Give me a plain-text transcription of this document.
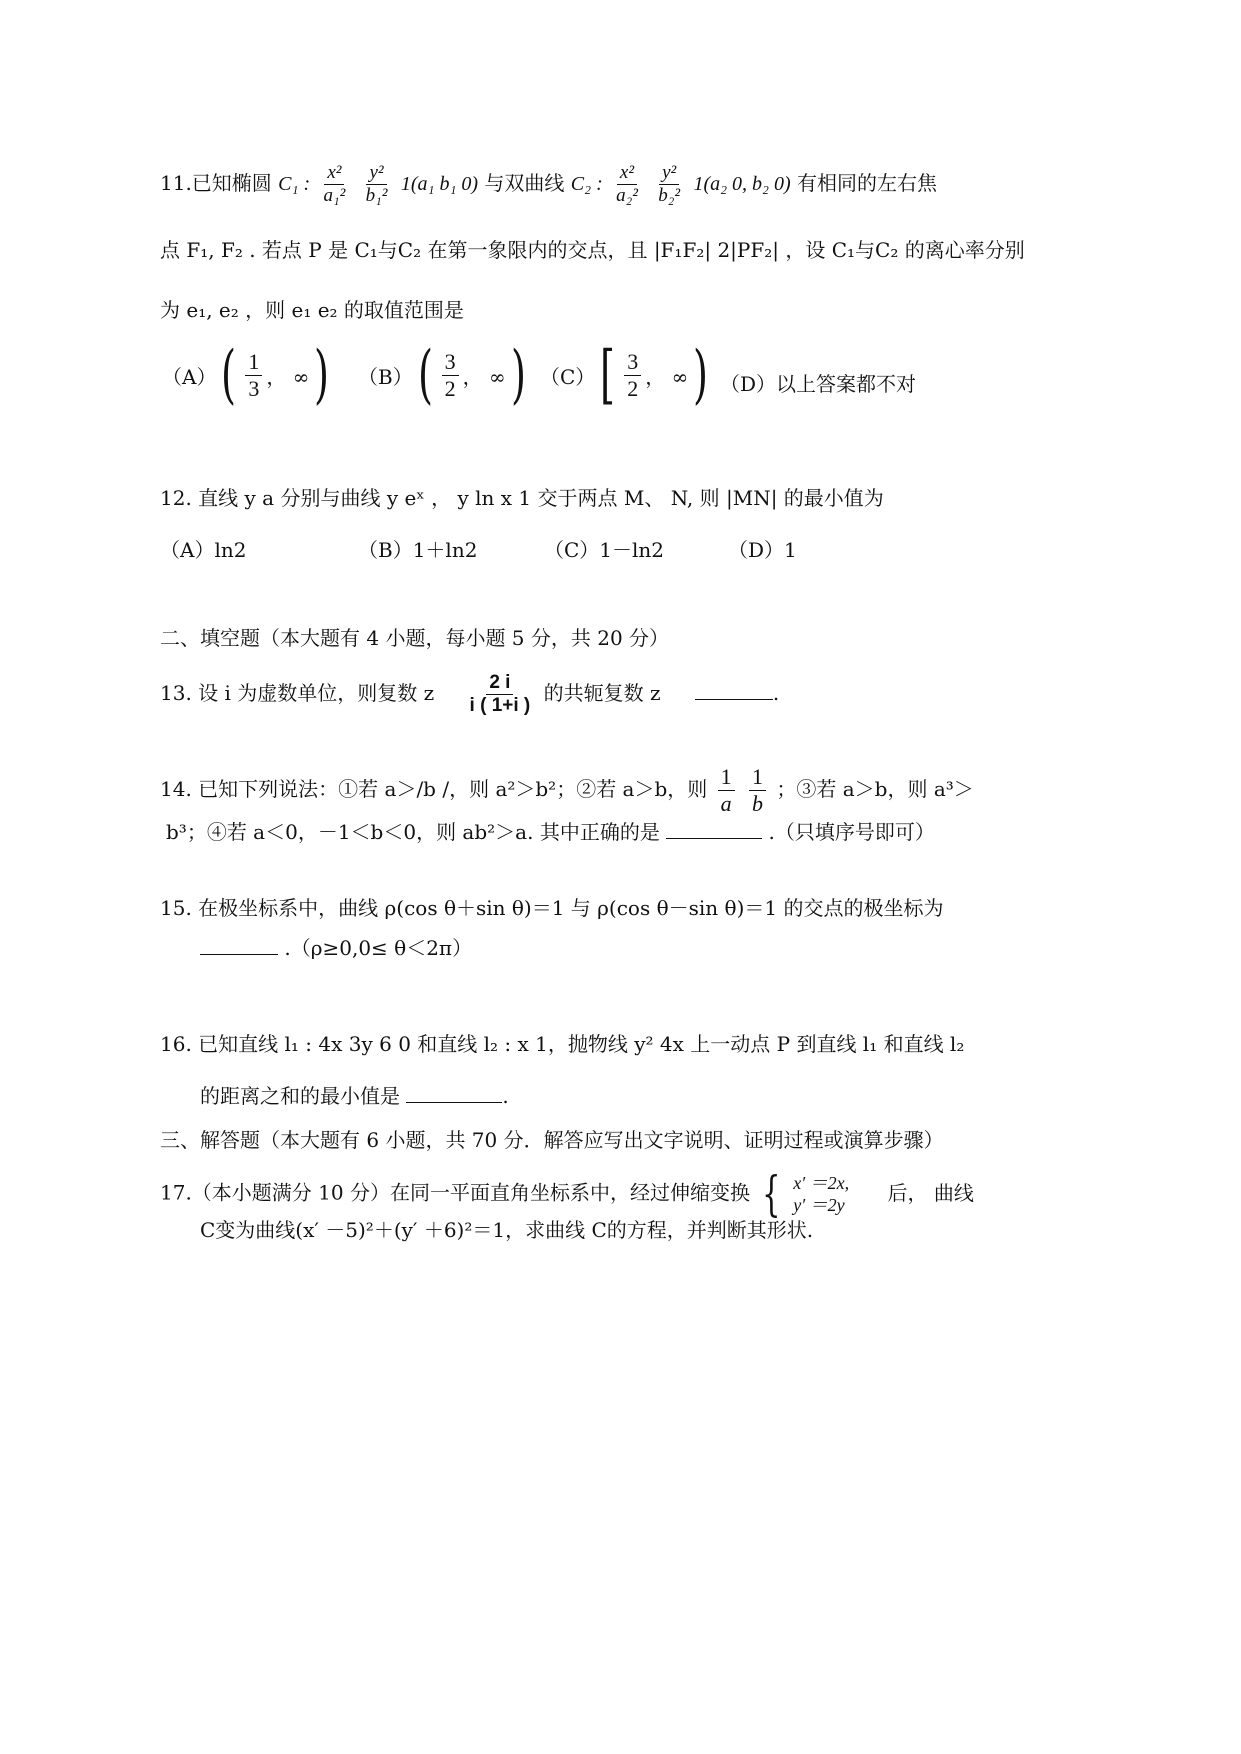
11.已知椭圆 C₁ : $\frac{\text{x²}}{\text{a₁²}}$
$\frac{\text{y²}}{\text{b₁²}} 1(a_1$ b₁ 0) 与双曲线 C₂ : $\frac{\text{x²}}{\text{a₂²}}$
$\frac{\text{y²}}{\text{b₂²}} 1(a_2$ 0, b₂ 0) 有相同的左右焦
点 F₁, F₂ . 若点 P 是 C₁与C₂ 在第一象限内的交点，且 |F₁F₂| 2|PF₂| ，设 C₁与C₂ 的离心率分别
为 e₁, e₂ ，则 e₁ e₂ 的取值范围是
（A） ( $\frac{1}{3}$ ， ∞ ) （B） ( $\frac{3}{2}$ ， ∞ ) （C） [ $\frac{3}{2}$ ， ∞ ) （D）以上答案都不对
12. 直线 y a 分别与曲线 y eˣ ， y ln x 1 交于两点 M、 N, 则 |MN| 的最小值为
（A）ln2	（B）1＋ln2	（C）1－ln2	（D）1
二、填空题（本大题有 4 小题，每小题 5 分，共 20 分）
13. 设 i 为虚数单位，则复数 z $\frac{2 i}{i ( 1+i )}$ 的共轭复数 z	.
14. 已知下列说法：①若 a＞/b /，则 a²＞b²；②若 a＞b，则 $\frac{1}{a}$
$\frac{1}{b}$ ；③若 a＞b，则 a³＞
b³；④若 a＜0，－1＜b＜0，则 ab²＞a. 其中正确的是	.（只填序号即可）
15. 在极坐标系中，曲线 ρ(cos θ＋sin θ)＝1 与 ρ(cos θ－sin θ)＝1 的交点的极坐标为
.（ρ≥0,0≤ θ＜2π）
16. 已知直线 l₁ : 4x 3y 6 0 和直线 l₂ : x 1，抛物线 y² 4x 上一动点 P 到直线 l₁ 和直线 l₂
的距离之和的最小值是	.
三、解答题（本大题有 6 小题，共 70 分．解答应写出文字说明、证明过程或演算步骤）
17.（本小题满分 10 分）在同一平面直角坐标系中，经过伸缩变换 { x′ ＝2x,
y′ ＝2y
后， 曲线
C变为曲线(x′ －5)²＋(y′ ＋6)²＝1，求曲线 C的方程，并判断其形状.
